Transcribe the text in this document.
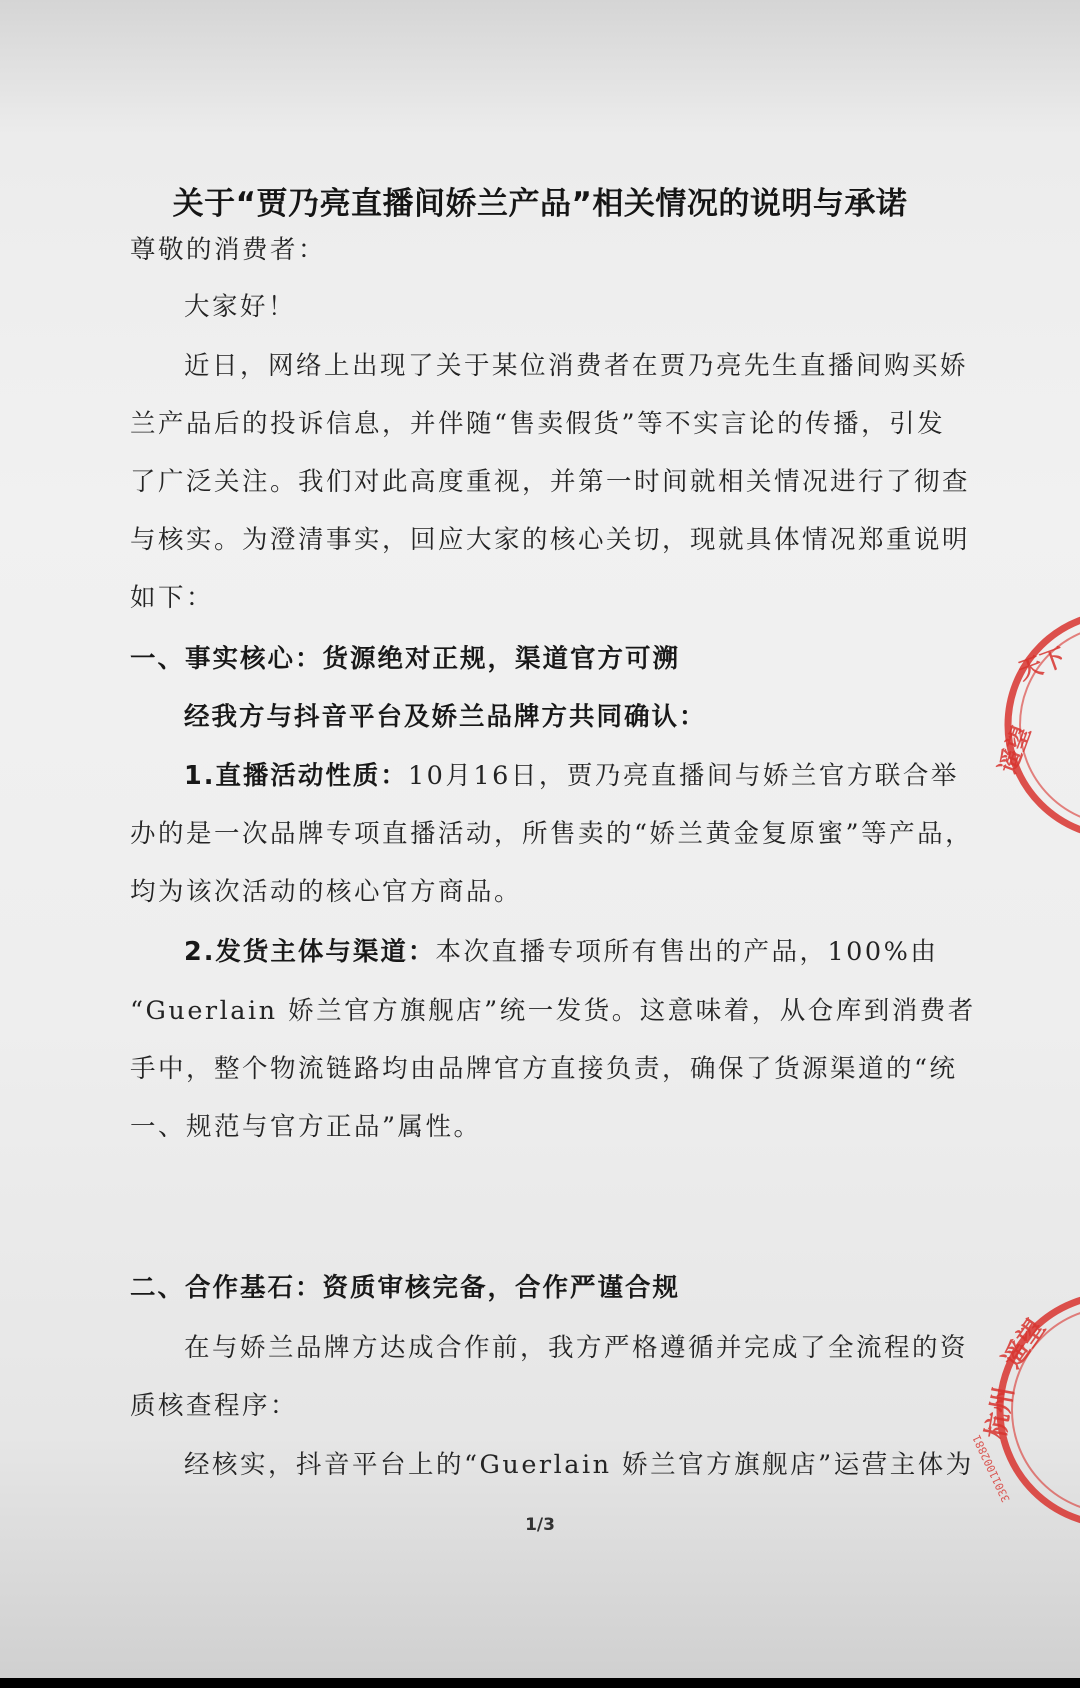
关于“贾乃亮直播间娇兰产品”相关情况的说明与承诺
尊敬的消费者：
大家好！
近日，网络上出现了关于某位消费者在贾乃亮先生直播间购买娇
兰产品后的投诉信息，并伴随“售卖假货”等不实言论的传播，引发
了广泛关注。我们对此高度重视，并第一时间就相关情况进行了彻查
与核实。为澄清事实，回应大家的核心关切，现就具体情况郑重说明
如下：
一、事实核心：货源绝对正规，渠道官方可溯
经我方与抖音平台及娇兰品牌方共同确认：
1.直播活动性质：10月16日，贾乃亮直播间与娇兰官方联合举
办的是一次品牌专项直播活动，所售卖的“娇兰黄金复原蜜”等产品，
均为该次活动的核心官方商品。
2.发货主体与渠道：本次直播专项所有售出的产品，100%由
“Guerlain 娇兰官方旗舰店”统一发货。这意味着，从仓库到消费者
手中，整个物流链路均由品牌官方直接负责，确保了货源渠道的“统
一、规范与官方正品”属性。
二、合作基石：资质审核完备，合作严谨合规
在与娇兰品牌方达成合作前，我方严格遵循并完成了全流程的资
质核查程序：
经核实，抖音平台上的“Guerlain 娇兰官方旗舰店”运营主体为
1/3
天下
遥望
遥望
杭州
33011002881
